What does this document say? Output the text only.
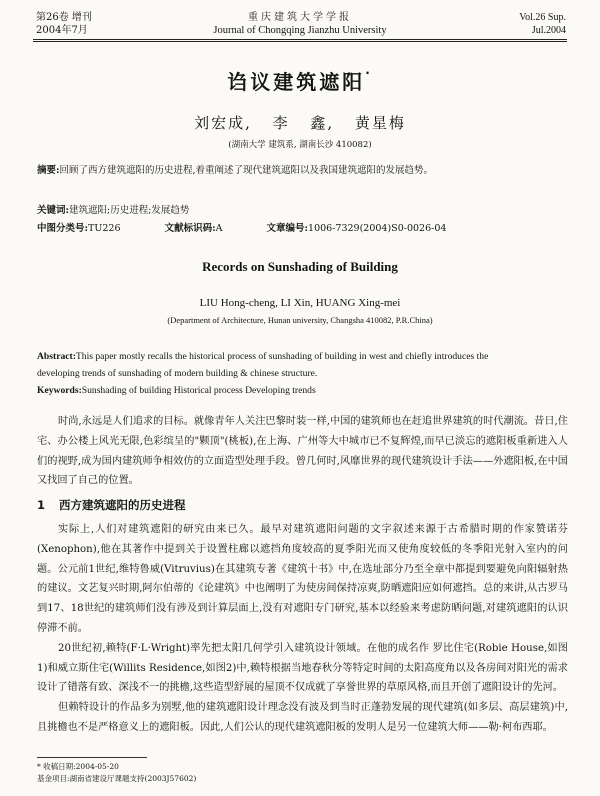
第26卷 增刊
2004年7月
重庆建筑大学学报
Journal of Chongqing Jianzhu University
Vol.26 Sup.
Jul.2004
诌议建筑遮阳·
刘宏成, 李 鑫, 黄星梅
(湖南大学 建筑系, 湖南长沙 410082)
摘要:回顾了西方建筑遮阳的历史进程,着重阐述了现代建筑遮阳以及我国建筑遮阳的发展趋势。
关键词:建筑遮阳;历史进程;发展趋势
中图分类号:TU226	文献标识码:A	文章编号:1006-7329(2004)S0-0026-04
Records on Sunshading of Building
LIU Hong-cheng, LI Xin, HUANG Xing-mei
(Department of Architecture, Hunan university, Changsha 410082, P.R.China)
Abstract:This paper mostly recalls the historical process of sunshading of building in west and chiefly introduces the
developing trends of sunshading of modern building & chinese structure.
Keywords:Sunshading of building Historical process Developing trends

时尚,永远是人们追求的目标。就像青年人关注巴黎时装一样,中国的建筑师也在赶追世界建筑的时代潮流。昔日,住宅、办公楼上风光无限,色彩缤呈的"颗顶"(桃板),在上海、广州等大中城市已不复辉煌,而早已淡忘的遮阳板重新进入人们的视野,成为国内建筑师争相效仿的立面造型处理手段。曾几何时,风靡世界的现代建筑设计手法——外遮阳板,在中国又找回了自己的位置。

1 西方建筑遮阳的历史进程

实际上,人们对建筑遮阳的研究由来已久。最早对建筑遮阳问题的文字叙述来源于古希腊时期的作家赞诺芬(Xenophon),他在其著作中提到关于设置柱廊以遮挡角度较高的夏季阳光而又使角度较低的冬季阳光射入室内的问题。公元前1世纪,维特鲁威(Vitruvius)在其建筑专著《建筑十书》中,在选址部分乃至全章中都提到要避免向阳辐射热的建议。文艺复兴时期,阿尔伯蒂的《论建筑》中也阐明了为使房间保持凉爽,防晒遮阳应如何遮挡。总的来讲,从古罗马到17、18世纪的建筑师们没有涉及到计算层面上,没有对遮阳专门研究,基本以经验来考虑防晒问题,对建筑遮阳的认识停滞不前。

20世纪初,赖特(F·L·Wright)率先把太阳几何学引入建筑设计领域。在他的成名作 罗比住宅(Robie House,如图1)和威立斯住宅(Willits Residence,如图2)中,赖特根据当地春秋分等特定时间的太阳高度角以及各房间对阳光的需求设计了错落有致、深浅不一的挑檐,这些造型舒展的屋顶不仅成就了享誉世界的草原风格,而且开创了遮阳设计的先河。

但赖特设计的作品多为别墅,他的建筑遮阳设计理念没有波及到当时正蓬勃发展的现代建筑(如多层、高层建筑)中,且挑檐也不是严格意义上的遮阳板。因此,人们公认的现代建筑遮阳板的发明人是另一位建筑大师——勒·柯布西耶。

* 收稿日期:2004-05-20
基金项目:湖南省建设厅课题支持(2003J57602)
